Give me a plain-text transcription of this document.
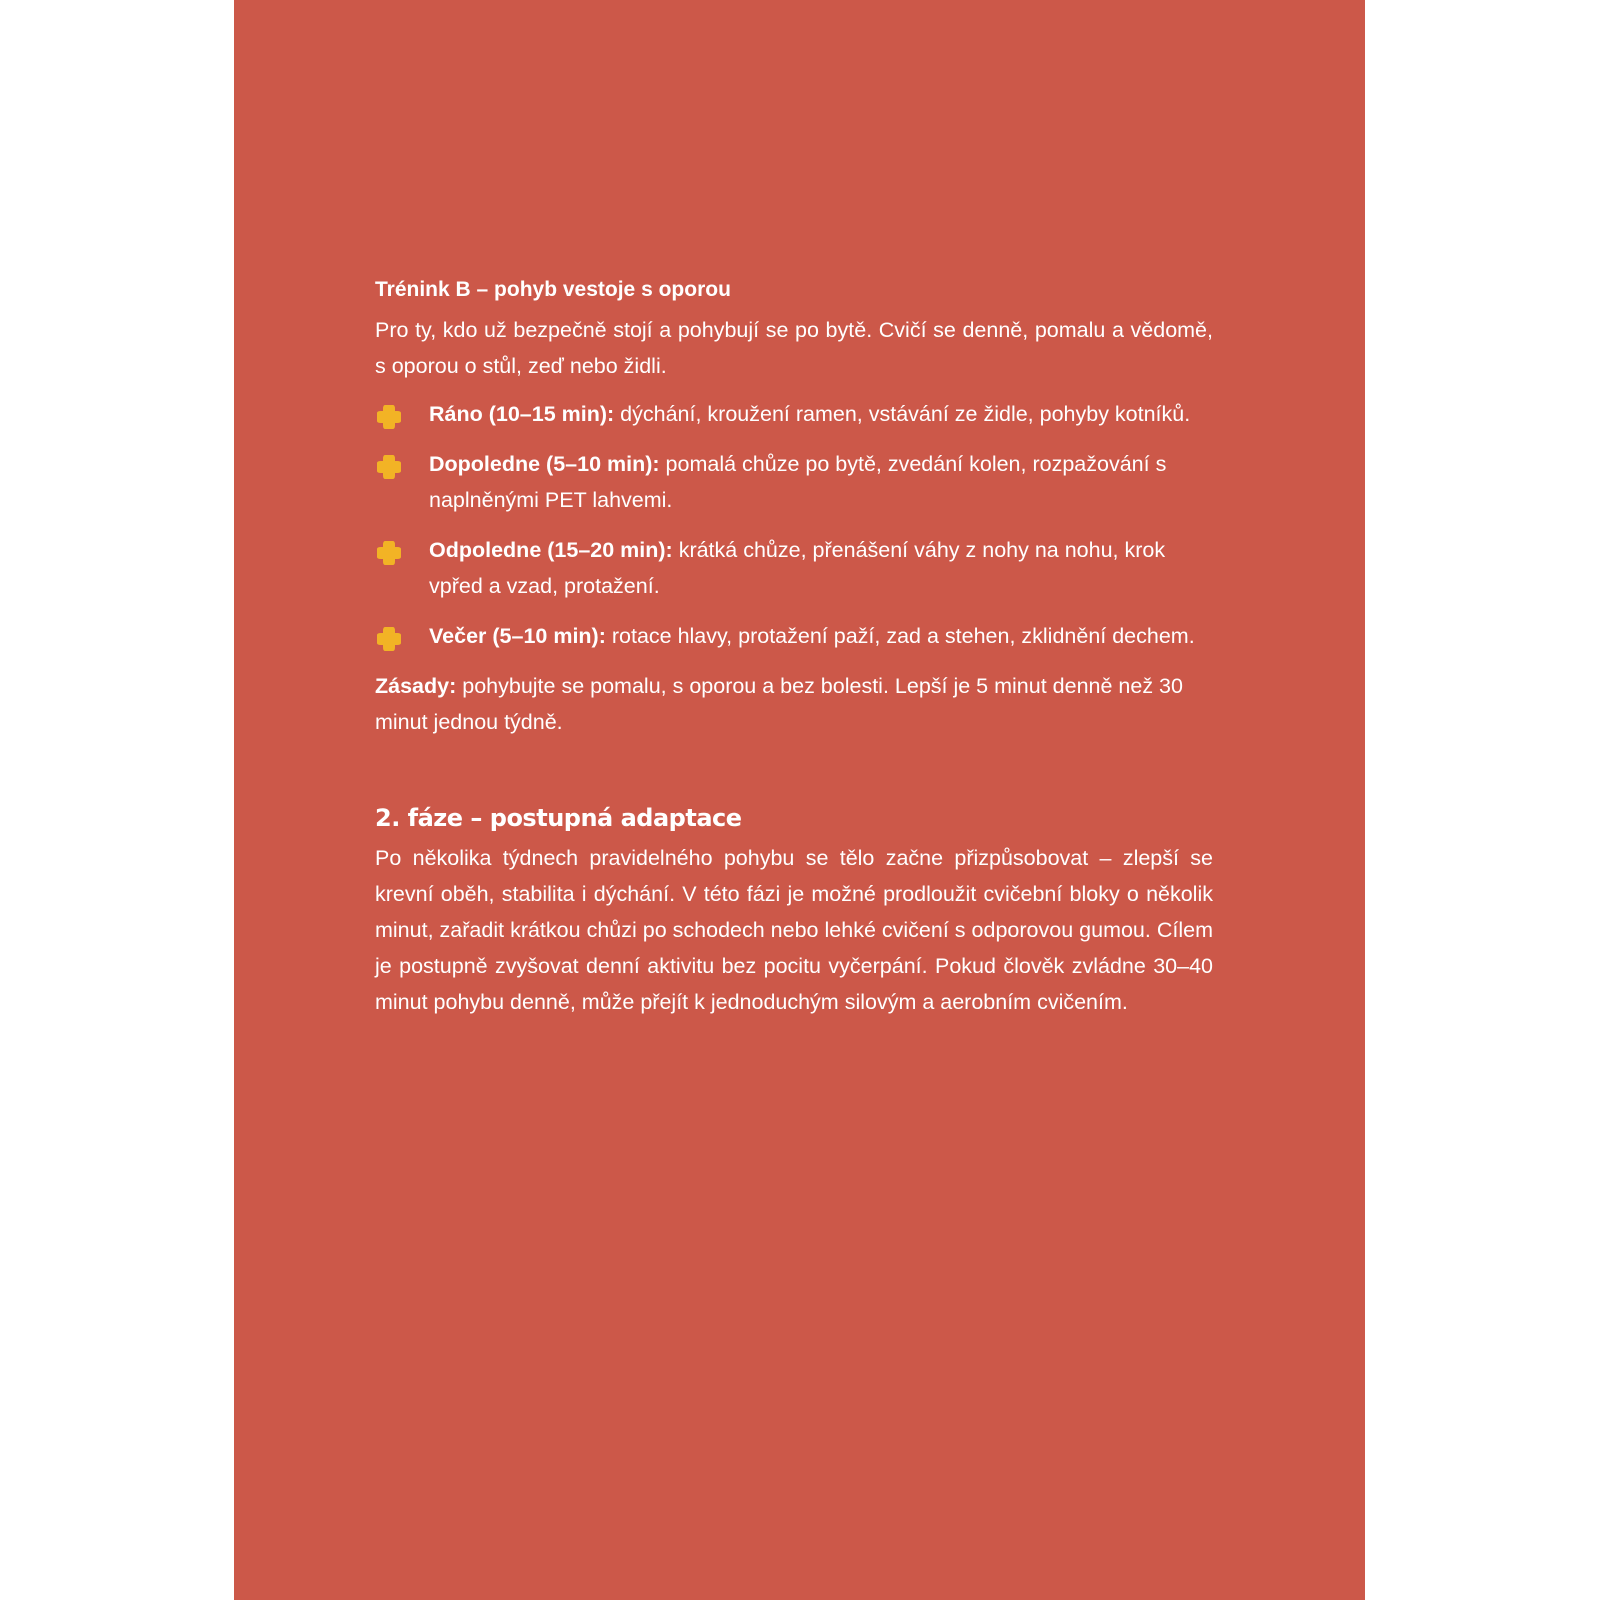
Trénink B – pohyb vestoje s oporou

Pro ty, kdo už bezpečně stojí a pohybují se po bytě. Cvičí se denně, pomalu a vědomě, s oporou o stůl, zeď nebo židli.

Ráno (10–15 min): dýchání, kroužení ramen, vstávání ze židle, pohyby kotníků.
Dopoledne (5–10 min): pomalá chůze po bytě, zvedání kolen, rozpažování s naplněnými PET lahvemi.
Odpoledne (15–20 min): krátká chůze, přenášení váhy z nohy na nohu, krok vpřed a vzad, protažení.
Večer (5–10 min): rotace hlavy, protažení paží, zad a stehen, zklidnění dechem.

Zásady: pohybujte se pomalu, s oporou a bez bolesti. Lepší je 5 minut denně než 30 minut jednou týdně.

2. fáze – postupná adaptace

Po několika týdnech pravidelného pohybu se tělo začne přizpůsobovat – zlepší se krevní oběh, stabilita i dýchání. V této fázi je možné prodloužit cvičební bloky o několik minut, zařadit krátkou chůzi po schodech nebo lehké cvičení s odporovou gumou. Cílem je postupně zvyšovat denní aktivitu bez pocitu vyčerpání. Pokud člověk zvládne 30–40 minut pohybu denně, může přejít k jednoduchým silovým a aerobním cvičením.
